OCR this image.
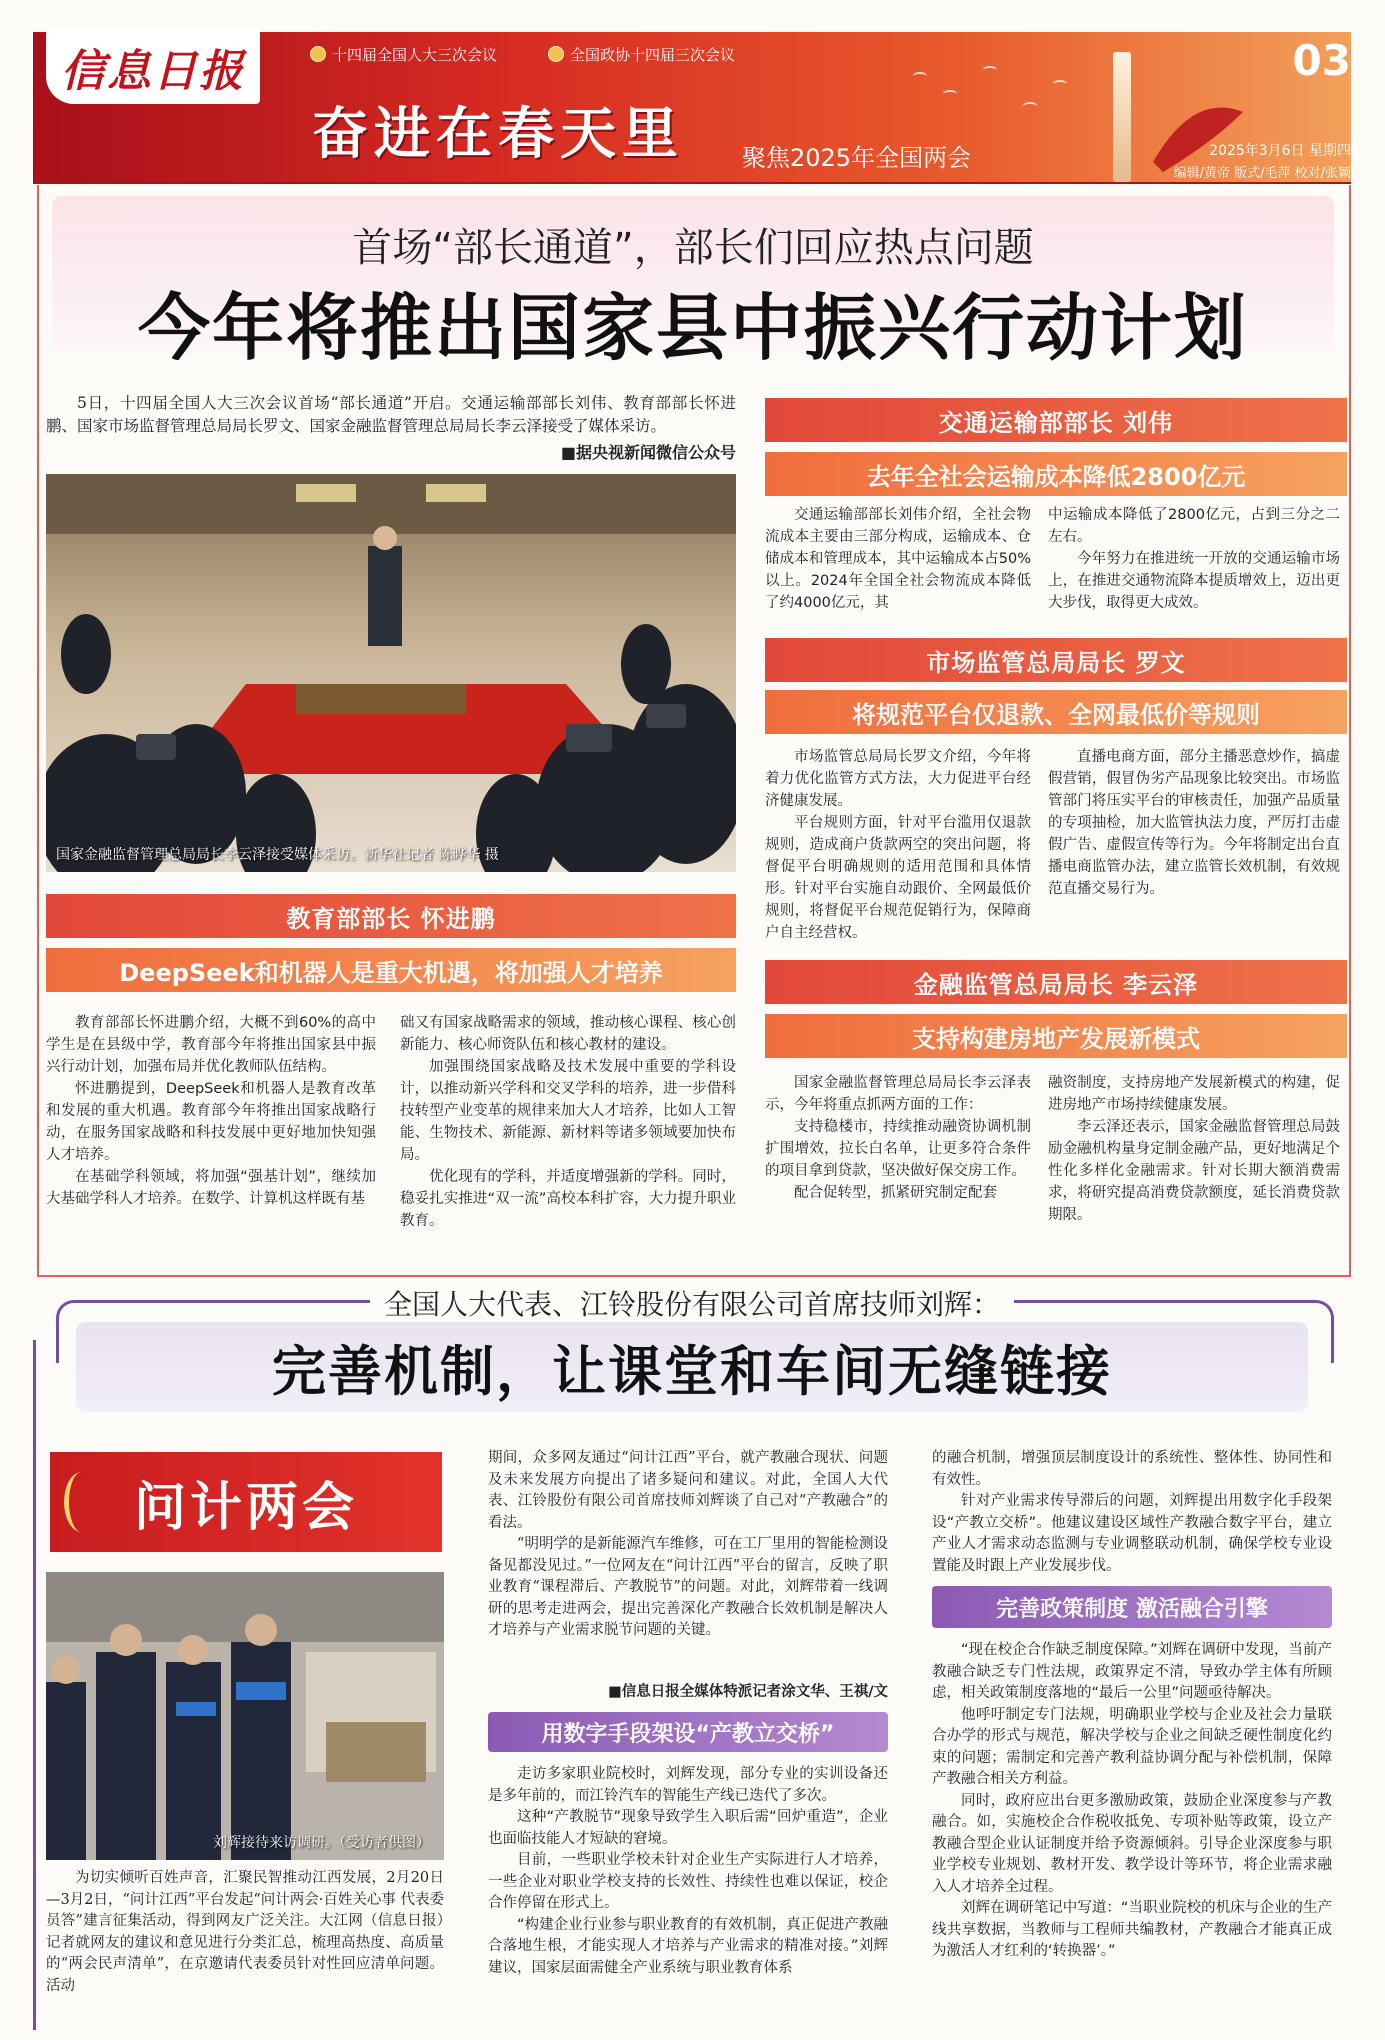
信息日报	十四届全国人大三次会议	全国政协十四届三次会议
奋进在春天里 聚焦2025年全国两会
03
2025年3月6日 星期四
编辑/黄帝 版式/毛萍 校对/张颖
首场“部长通道”，部长们回应热点问题
今年将推出国家县中振兴行动计划
5日，十四届全国人大三次会议首场“部长通道”开启。交通运输部部长刘伟、教育部部长怀进鹏、国家市场监督管理总局局长罗文、国家金融监督管理总局局长李云泽接受了媒体采访。
■据央视新闻微信公众号
国家金融监督管理总局局长李云泽接受媒体采访。新华社记者 陈晔华 摄
交通运输部部长 刘伟
去年全社会运输成本降低2800亿元

交通运输部部长刘伟介绍，全社会物流成本主要由三部分构成，运输成本、仓储成本和管理成本，其中运输成本占50%以上。2024年全国全社会物流成本降低了约4000亿元，其

中运输成本降低了2800亿元，占到三分之二左右。

今年努力在推进统一开放的交通运输市场上，在推进交通物流降本提质增效上，迈出更大步伐，取得更大成效。

市场监管总局局长 罗文
将规范平台仅退款、全网最低价等规则

市场监管总局局长罗文介绍，今年将着力优化监管方式方法，大力促进平台经济健康发展。

平台规则方面，针对平台滥用仅退款规则，造成商户货款两空的突出问题，将督促平台明确规则的适用范围和具体情形。针对平台实施自动跟价、全网最低价规则，将督促平台规范促销行为，保障商户自主经营权。

直播电商方面，部分主播恶意炒作，搞虚假营销，假冒伪劣产品现象比较突出。市场监管部门将压实平台的审核责任，加强产品质量的专项抽检，加大监管执法力度，严厉打击虚假广告、虚假宣传等行为。今年将制定出台直播电商监管办法，建立监管长效机制，有效规范直播交易行为。

教育部部长 怀进鹏
DeepSeek和机器人是重大机遇，将加强人才培养

教育部部长怀进鹏介绍，大概不到60%的高中学生是在县级中学，教育部今年将推出国家县中振兴行动计划，加强布局并优化教师队伍结构。

怀进鹏提到，DeepSeek和机器人是教育改革和发展的重大机遇。教育部今年将推出国家战略行动，在服务国家战略和科技发展中更好地加快知强人才培养。

在基础学科领域，将加强“强基计划”，继续加大基础学科人才培养。在数学、计算机这样既有基

础又有国家战略需求的领域，推动核心课程、核心创新能力、核心师资队伍和核心教材的建设。

加强围绕国家战略及技术发展中重要的学科设计，以推动新兴学科和交叉学科的培养，进一步借科技转型产业变革的规律来加大人才培养，比如人工智能、生物技术、新能源、新材料等诸多领域要加快布局。

优化现有的学科，并适度增强新的学科。同时，稳妥扎实推进“双一流”高校本科扩容，大力提升职业教育。

金融监管总局局长 李云泽
支持构建房地产发展新模式

国家金融监督管理总局局长李云泽表示，今年将重点抓两方面的工作：

支持稳楼市，持续推动融资协调机制扩围增效，拉长白名单，让更多符合条件的项目拿到贷款，坚决做好保交房工作。

配合促转型，抓紧研究制定配套

融资制度，支持房地产发展新模式的构建，促进房地产市场持续健康发展。

李云泽还表示，国家金融监督管理总局鼓励金融机构量身定制金融产品，更好地满足个性化多样化金融需求。针对长期大额消费需求，将研究提高消费贷款额度，延长消费贷款期限。

全国人大代表、江铃股份有限公司首席技师刘辉：
完善机制，让课堂和车间无缝链接
问计两会
刘辉接待来访调研。（受访者供图）

为切实倾听百姓声音，汇聚民智推动江西发展，2月20日—3月2日，“问计江西”平台发起“问计两会·百姓关心事 代表委员答”建言征集活动，得到网友广泛关注。大江网（信息日报）记者就网友的建议和意见进行分类汇总，梳理高热度、高质量的“两会民声清单”，在京邀请代表委员针对性回应清单问题。活动

期间，众多网友通过“问计江西”平台，就产教融合现状、问题及未来发展方向提出了诸多疑问和建议。对此，全国人大代表、江铃股份有限公司首席技师刘辉谈了自己对“产教融合”的看法。

“明明学的是新能源汽车维修，可在工厂里用的智能检测设备见都没见过。”一位网友在“问计江西”平台的留言，反映了职业教育“课程滞后、产教脱节”的问题。对此，刘辉带着一线调研的思考走进两会，提出完善深化产教融合长效机制是解决人才培养与产业需求脱节问题的关键。

■信息日报全媒体特派记者涂文华、王祺/文
用数字手段架设“产教立交桥”

走访多家职业院校时，刘辉发现，部分专业的实训设备还是多年前的，而江铃汽车的智能生产线已迭代了多次。

这种“产教脱节”现象导致学生入职后需“回炉重造”，企业也面临技能人才短缺的窘境。

目前，一些职业学校未针对企业生产实际进行人才培养，一些企业对职业学校支持的长效性、持续性也难以保证，校企合作停留在形式上。

“构建企业行业参与职业教育的有效机制，真正促进产教融合落地生根，才能实现人才培养与产业需求的精准对接。”刘辉建议，国家层面需健全产业系统与职业教育体系

的融合机制，增强顶层制度设计的系统性、整体性、协同性和有效性。

针对产业需求传导滞后的问题，刘辉提出用数字化手段架设“产教立交桥”。他建议建设区域性产教融合数字平台，建立产业人才需求动态监测与专业调整联动机制，确保学校专业设置能及时跟上产业发展步伐。

完善政策制度 激活融合引擎

“现在校企合作缺乏制度保障。”刘辉在调研中发现，当前产教融合缺乏专门性法规，政策界定不清，导致办学主体有所顾虑，相关政策制度落地的“最后一公里”问题亟待解决。

他呼吁制定专门法规，明确职业学校与企业及社会力量联合办学的形式与规范，解决学校与企业之间缺乏硬性制度化约束的问题；需制定和完善产教利益协调分配与补偿机制，保障产教融合相关方利益。

同时，政府应出台更多激励政策，鼓励企业深度参与产教融合。如，实施校企合作税收抵免、专项补贴等政策，设立产教融合型企业认证制度并给予资源倾斜。引导企业深度参与职业学校专业规划、教材开发、教学设计等环节，将企业需求融入人才培养全过程。

刘辉在调研笔记中写道：“当职业院校的机床与企业的生产线共享数据，当教师与工程师共编教材，产教融合才能真正成为激活人才红利的‘转换器’。”
